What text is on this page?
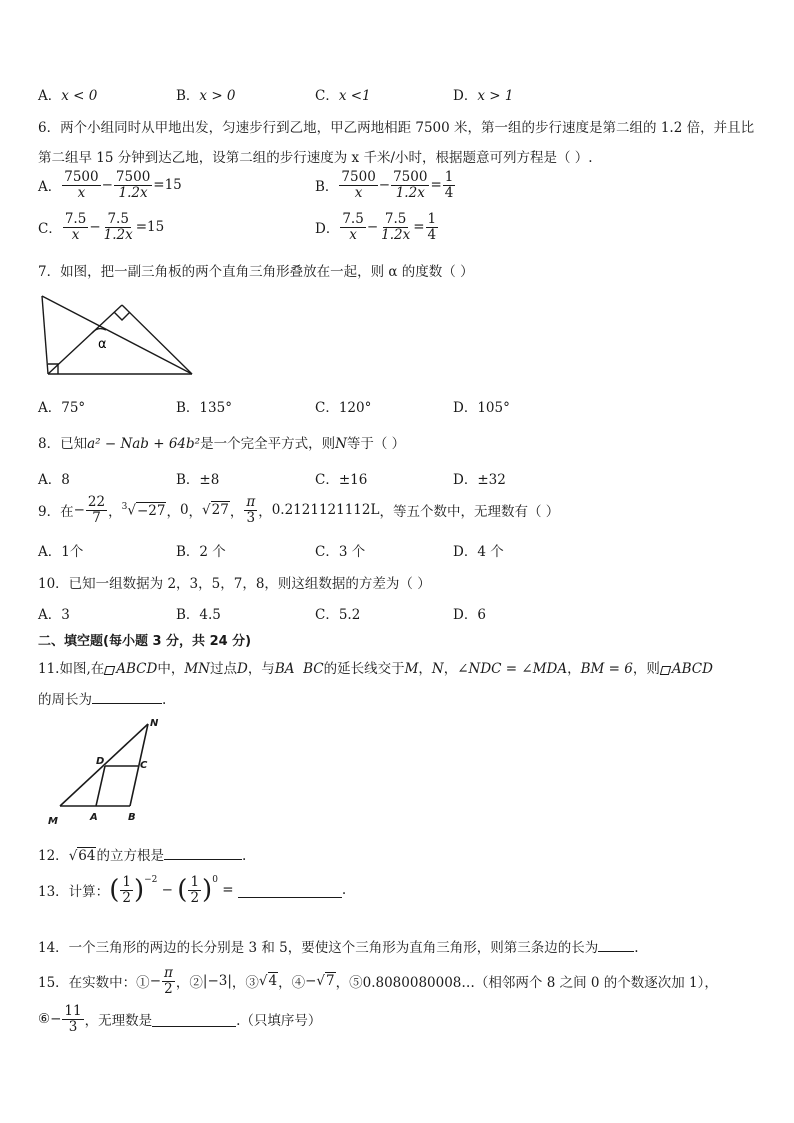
A．x < 0	B．x > 0	C．x <1	D．x > 1
6．两个小组同时从甲地出发，匀速步行到乙地，甲乙两地相距 7500 米，第一组的步行速度是第二组的 1.2 倍，并且比
第二组早 15 分钟到达乙地，设第二组的步行速度为 x 千米/小时，根据题意可列方程是（ ）.
A．
7500
$x - \frac{7500}{1.2x} = 15$	B．
7500
$x - \frac{7500}{1.2x} = \frac{1}{4}$
C．
7.5
$x - \frac{7.5}{1.2x} = 15$	D．
7.5
$x - \frac{7.5}{1.2x} = \frac{1}{4}$
7．如图，把一副三角板的两个直角三角形叠放在一起，则 α 的度数（ ）
α
A．75°	B．135°	C．120°	D．105°
8．已知a² − Nab + 64b²是一个完全平方式，则N等于（ ）
A．8	B．±8	C．±16	D．±32
9．在 − $\frac{22}{7}$ ， $^3$√−27 ， 0 ， √27 ，
π
3 ， 0.2121121112L ，等五个数中，无理数有（ ）
A．1个	B．2 个	C．3 个	D．4 个
10．已知一组数据为 2，3，5，7，8，则这组数据的方差为（ ）
A．3	B．4.5	C．5.2	D．6
二、填空题(每小题 3 分，共 24 分)
11.如图,在 ABCD中，MN过点D，与BA BC的延长线交于M，N，∠NDC = ∠MDA，BM = 6，则 ABCD
的周长为	.
N
D	C
M	A	B
12．√64的立方根是	.
13．计算： ( 1
2 )$^{-2}$
− ( 1
2 )$^0$
=	.
14．一个三角形的两边的长分别是 3 和 5，要使这个三角形为直角三角形，则第三条边的长为	.
15．在实数中：① − $\frac{\pi}{2}$ ，② |−3| ，③ √4 ，④ −√7 ，⑤0.8080080008…（相邻两个 8 之间 0 的个数逐次加 1），
⑥ − $\frac{11}{3}$ ，无理数是	.（只填序号）
